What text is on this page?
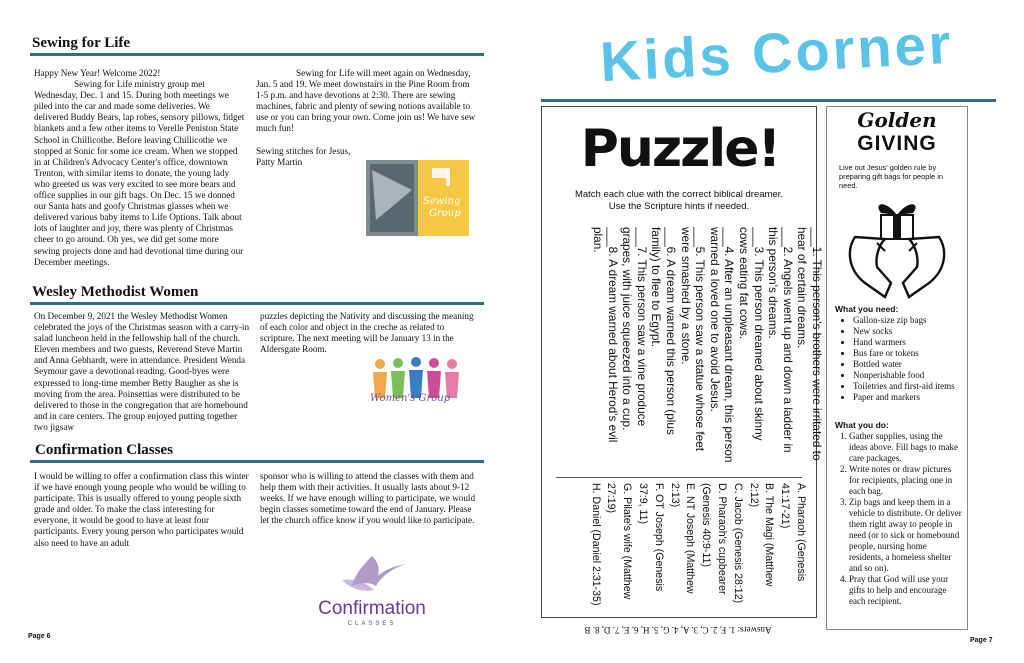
Sewing for Life

Happy New Year! Welcome 2022!

Sewing for Life ministry group met Wednesday, Dec. 1 and 15. During both meetings we piled into the car and made some deliveries. We delivered Buddy Bears, lap robes, sensory pillows, fidget blankets and a few other items to Verelle Peniston State School in Chillicothe. Before leaving Chillicothe we stopped at Sonic for some ice cream. When we stopped in at Children's Advocacy Center's office, downtown Trenton, with similar items to donate, the young lady who greeted us was very excited to see more bears and office supplies in our gift bags. On Dec. 15 we donned our Santa hats and goofy Christmas glasses when we delivered various baby items to Life Options. Talk about lots of laughter and joy, there was plenty of Christmas cheer to go around. Oh yes, we did get some more sewing projects done and had devotional time during our December meetings.

Sewing for Life will meet again on Wednesday, Jan. 5 and 19. We meet downstairs in the Pine Room from 1-5 p.m. and have devotions at 2:30. There are sewing machines, fabric and plenty of sewing notions available to use or you can bring your own. Come join us! We have sew much fun!

Sewing stitches for Jesus,

Patty Martin

Sewing
Group
Wesley Methodist Women
On December 9, 2021 the Wesley Methodist Women celebrated the joys of the Christmas season with a carry-in salad luncheon held in the fellowship hall of the church. Eleven members and two guests, Reverend Steve Martin and Anna Gebhardt, were in attendance. President Wenda Seymour gave a devotional reading. Good-byes were expressed to long-time member Betty Baugher as she is moving from the area. Poinsettias were distributed to be delivered to those in the congregation that are homebound and in care centers. The group enjoyed putting together two jigsaw
puzzles depicting the Nativity and discussing the meaning of each color and object in the creche as related to scripture. The next meeting will be January 13 in the Aldersgate Room.
Women's Group
Confirmation Classes
I would be willing to offer a confirmation class this winter if we have enough young people who would be willing to participate. This is usually offered to young people sixth grade and older. To make the class interesting for everyone, it would be good to have at least four participants. Every young person who participates would also need to have an adult
sponsor who is willing to attend the classes with them and help them with their activities. It usually lasts about 9-12 weeks. If we have enough willing to participate, we would begin classes sometime toward the end of January. Please let the church office know if you would like to participate.
Confirmation
CLASSES
Page 6
Kids Corner
Puzzle!
Match each clue with the correct biblical dreamer.
Use the Scripture hints if needed.
___1. This person's brothers were irritated to hear of certain dreams.
___2. Angels went up and down a ladder in this person's dreams.
___3. This person dreamed about skinny cows eating fat cows.
___4. After an unpleasant dream, this person warned a loved one to avoid Jesus.
___5. This person saw a statue whose feet were smashed by a stone.
___6. A dream warned this person (plus family) to flee to Egypt.
___7. This person saw a vine produce grapes, with juice squeezed into a cup.
___8. A dream warned about Herod's evil plan.
A. Pharaoh (Genesis 41:17-21)
B. The Magi (Matthew 2:12)
C. Jacob (Genesis 28:12)
D. Pharaoh's cupbearer (Genesis 40:9-11)
E. NT Joseph (Matthew 2:13)
F. OT Joseph (Genesis 37:9, 11)
G. Pilate's wife (Matthew 27:19)
H. Daniel (Daniel 2:31-35)
Answers: 1. F, 2. C, 3. A, 4. G, 5. H, 6. E, 7. D, 8. B
Golden
GIVING
Live out Jesus' golden rule by preparing gift bags for people in need.
What you need:
• Gallon-size zip bags
• New socks
• Hand warmers
• Bus fare or tokens
• Bottled water
• Nonperishable food
• Toiletries and first-aid items
• Paper and markers
What you do:
1. Gather supplies, using the ideas above. Fill bags to make care packages.
2. Write notes or draw pictures for recipients, placing one in each bag.
3. Zip bags and keep them in a vehicle to distribute. Or deliver them right away to people in need (or to sick or homebound people, nursing home residents, a homeless shelter and so on).
4. Pray that God will use your gifts to help and encourage each recipient.
Page 7
